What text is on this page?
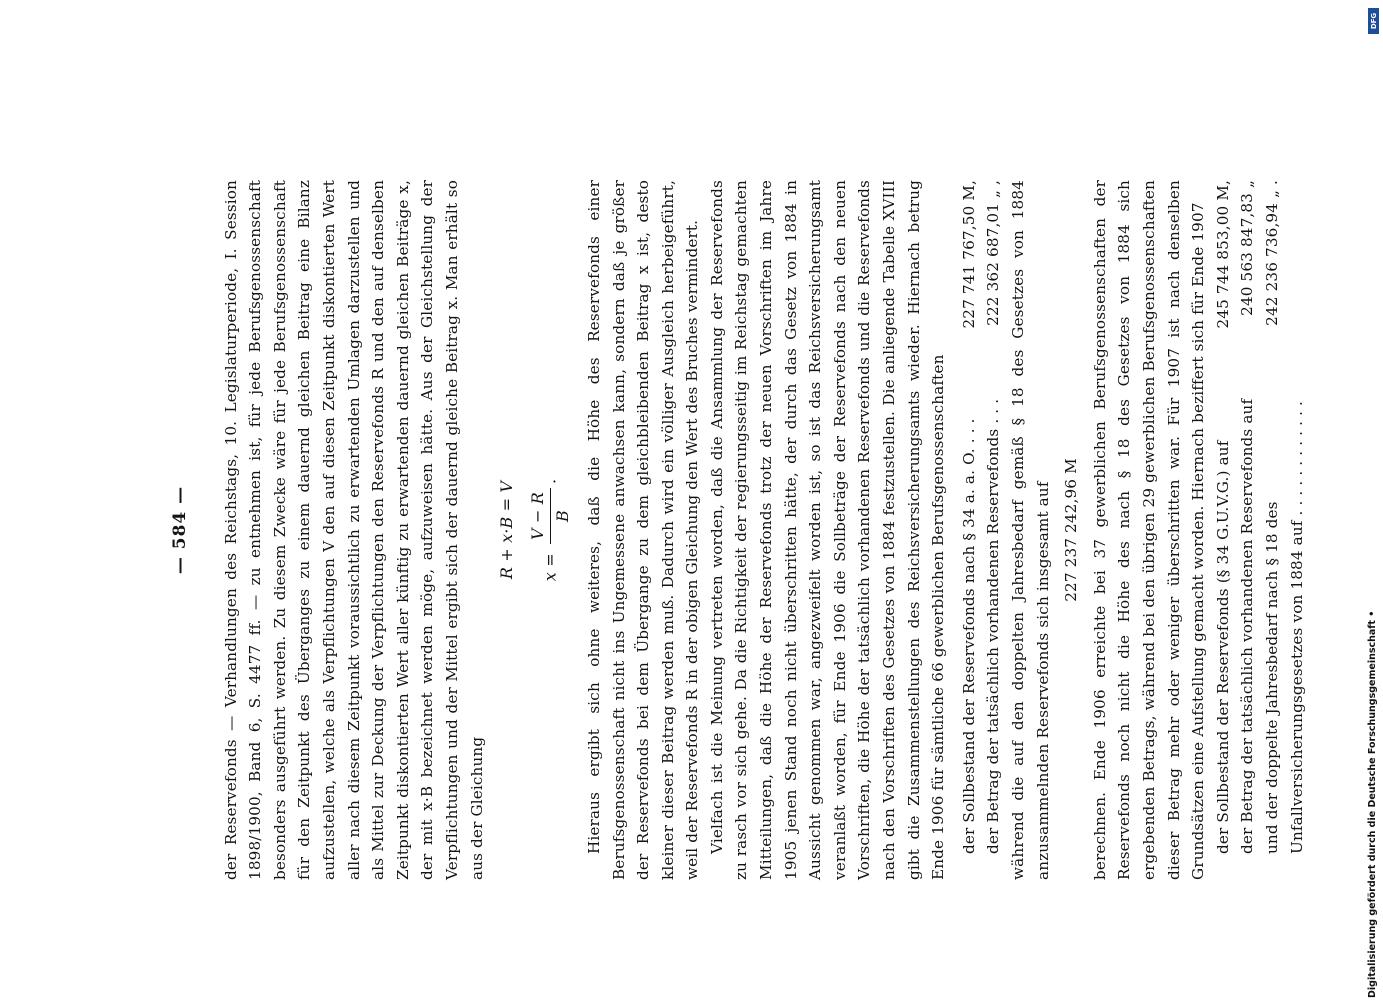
— 584 — der Reservefonds — Verhandlungen des Reichstags, 10. Legislaturperiode, I. Session 1898/1900, Band 6, S. 4477 ff. — zu entnehmen ist, für jede Berufsgenossenschaft besonders ausgeführt werden. Zu diesem Zwecke wäre für jede Berufsgenossenschaft für den Zeitpunkt des Überganges zu einem dauernd gleichen Beitrag eine Bilanz aufzustellen, welche als Verpflichtungen V den auf diesen Zeitpunkt diskontierten Wert aller nach diesem Zeitpunkt voraussichtlich zu erwartenden Umlagen darzustellen und als Mittel zur Deckung der Verpflichtungen den Reservefonds R und den auf denselben Zeitpunkt diskontierten Wert aller künftig zu erwartenden dauernd gleichen Beiträge x, der mit x·B bezeichnet werden möge, aufzuweisen hätte. Aus der Gleichstellung der Verpflichtungen und der Mittel ergibt sich der dauernd gleiche Beitrag x. Man erhält so aus der Gleichung

R + x·B = V	x =
V − R B
.	Hieraus ergibt sich ohne weiteres, daß die Höhe des Reservefonds einer Berufsgenossenschaft nicht ins Ungemessene anwachsen kann, sondern daß je größer der Reservefonds bei dem Übergange zu dem gleichbleibenden Beitrag x ist, desto kleiner dieser Beitrag werden muß. Dadurch wird ein völliger Ausgleich herbeigeführt, weil der Reservefonds R in der obigen Gleichung den Wert des Bruches vermindert. Vielfach ist die Meinung vertreten worden, daß die Ansammlung der Reservefonds zu rasch vor sich gehe. Da die Richtigkeit der regierungsseitig im Reichstag gemachten Mitteilungen, daß die Höhe der Reservefonds trotz der neuen Vorschriften im Jahre 1905 jenen Stand noch nicht überschritten hätte, der durch das Gesetz von 1884 in Aussicht genommen war, angezweifelt worden ist, so ist das Reichsversicherungsamt veranlaßt worden, für Ende 1906 die Sollbeträge der Reservefonds nach den neuen Vorschriften, die Höhe der tatsächlich vorhandenen Reservefonds und die Reservefonds nach den Vorschriften des Gesetzes von 1884 festzustellen. Die anliegende Tabelle XVIII gibt die Zusammenstellungen des Reichsversicherungsamts wieder. Hiernach betrug Ende 1906 für sämtliche 66 gewerblichen Berufsgenossenschaften der Sollbestand der Reservefonds nach § 34 a. a. O. . . .
227 741 767,50 M,
der Betrag der tatsächlich vorhandenen Reservefonds . . .
222 362 687,01 „ , während die auf den doppelten Jahresbedarf gemäß § 18 des Gesetzes von 1884 anzusammelnden Reservefonds sich insgesamt auf 227 237 242,96 M berechnen. Ende 1906 erreichte bei 37 gewerblichen Berufsgenossenschaften der Reservefonds noch nicht die Höhe des nach § 18 des Gesetzes von 1884 sich ergebenden Betrags, während bei den übrigen 29 gewerblichen Berufsgenossenschaften dieser Betrag mehr oder weniger überschritten war. Für 1907 ist nach denselben Grundsätzen eine Aufstellung gemacht worden. Hiernach beziffert sich für Ende 1907 der Sollbestand der Reservefonds (§ 34 G.U.V.G.) auf
245 744 853,00 M,
der Betrag der tatsächlich vorhandenen Reservefonds auf
240 563 847,83 „
und der doppelte Jahresbedarf nach § 18 des Unfallversicherungsgesetzes von 1884 auf . . . . . . . . . . . .
242 236 736,94 „ .
DFG
Digitalisierung gefördert durch die Deutsche Forschungsgemeinschaft •
